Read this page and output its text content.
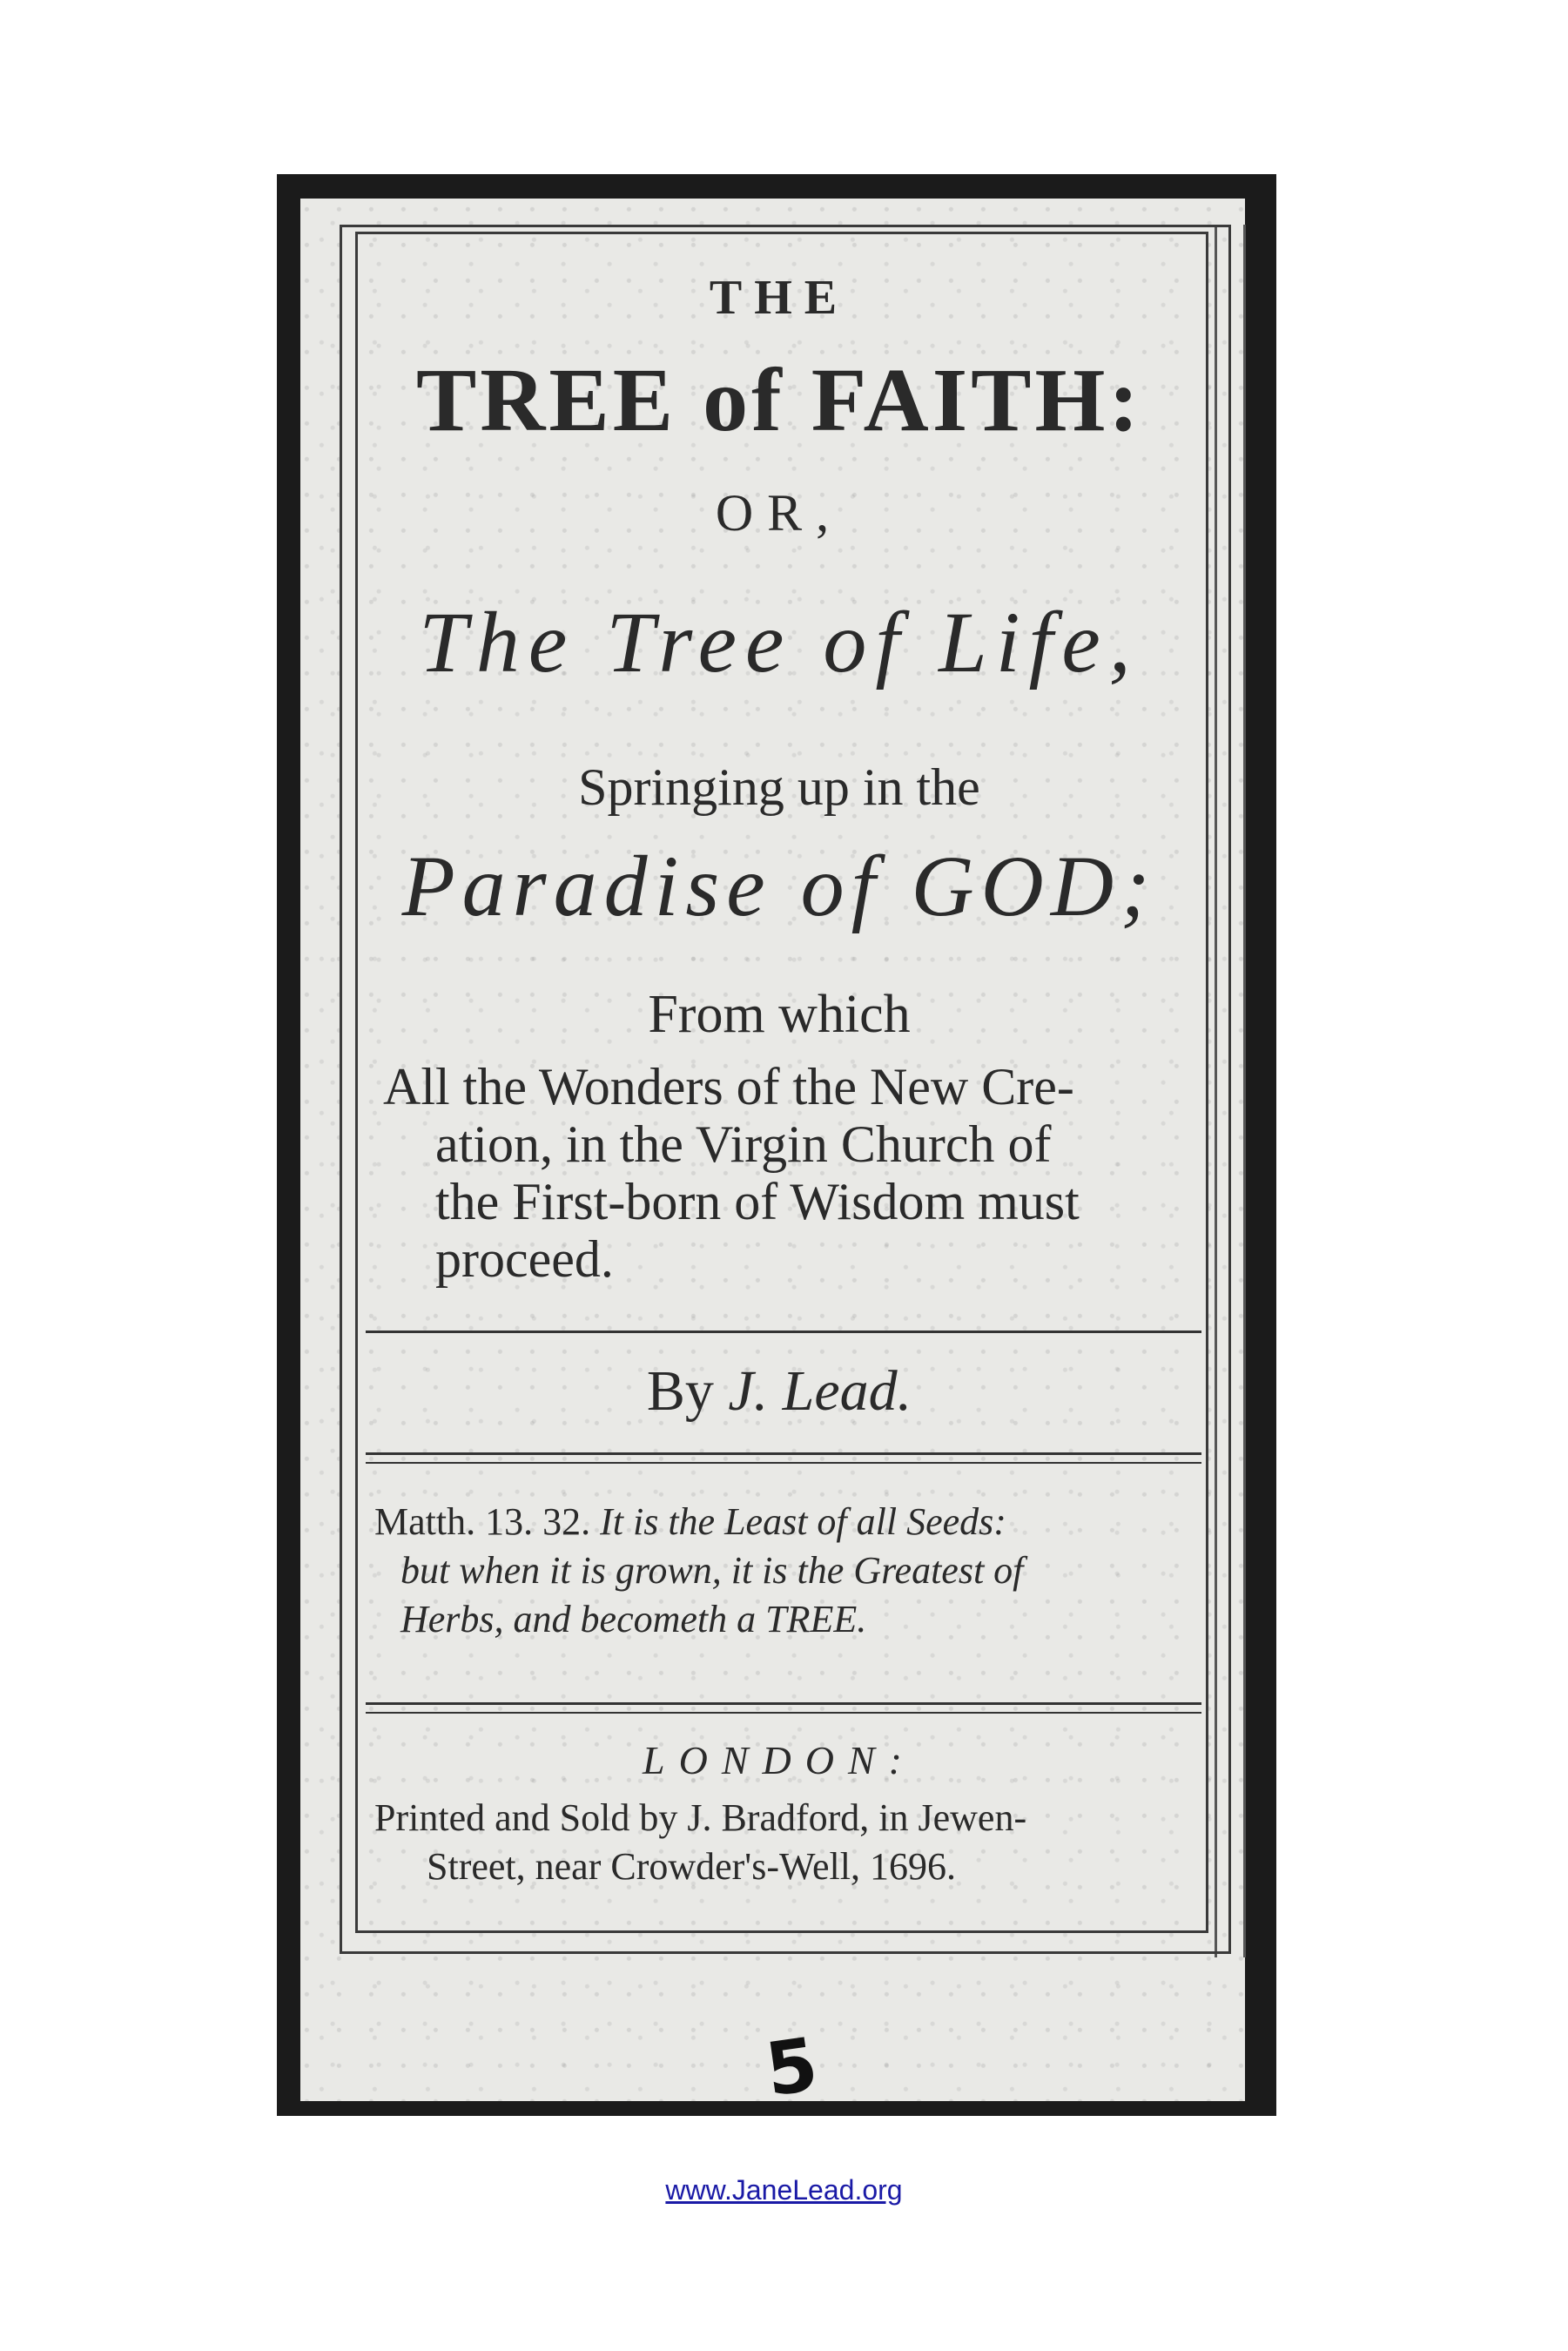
THE
TREE of FAITH:
OR,
The Tree of Life,
Springing up in the
Paradise of GOD;
From which
All the Wonders of the New Cre-
ation, in the Virgin Church of
the First-born of Wisdom must
proceed.
By J. Lead.
Matth. 13. 32. It is the Least of all Seeds:
but when it is grown, it is the Greatest of
Herbs, and becometh a TREE.
LONDON:
Printed and Sold by J. Bradford, in Jewen-
Street, near Crowder's-Well, 1696.
5
www.JaneLead.org
